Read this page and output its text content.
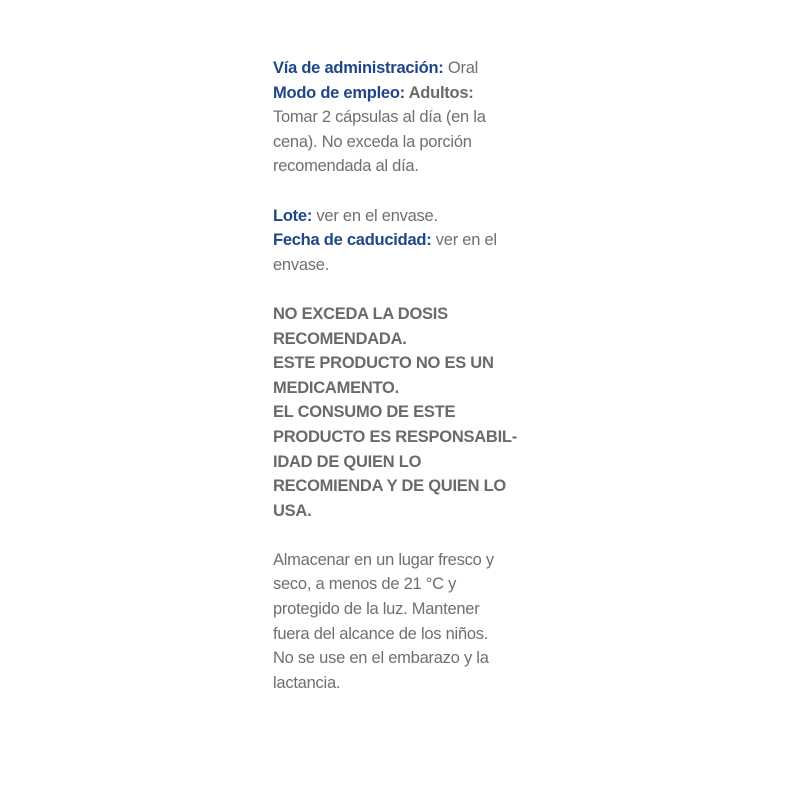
Vía de administración: Oral
Modo de empleo: Adultos:
Tomar 2 cápsulas al día (en la
cena). No exceda la porción
recomendada al día.
Lote: ver en el envase.
Fecha de caducidad: ver en el
envase.
NO EXCEDA LA DOSIS
RECOMENDADA.
ESTE PRODUCTO NO ES UN
MEDICAMENTO.
EL CONSUMO DE ESTE
PRODUCTO ES RESPONSABIL-
IDAD DE QUIEN LO
RECOMIENDA Y DE QUIEN LO
USA.
Almacenar en un lugar fresco y
seco, a menos de 21 °C y
protegido de la luz. Mantener
fuera del alcance de los niños.
No se use en el embarazo y la
lactancia.
